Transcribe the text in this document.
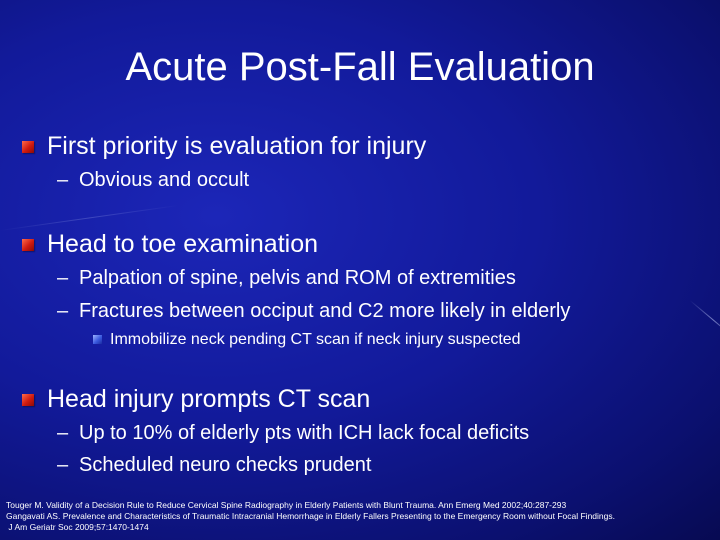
Acute Post-Fall Evaluation
First priority is evaluation for injury
– Obvious and occult
Head to toe examination
– Palpation of spine, pelvis and ROM of extremities
– Fractures between occiput and C2 more likely in elderly
Immobilize neck pending CT scan if neck injury suspected
Head injury prompts CT scan
– Up to 10% of elderly pts with ICH lack focal deficits
– Scheduled neuro checks prudent
Touger M. Validity of a Decision Rule to Reduce Cervical Spine Radiography in Elderly Patients with Blunt Trauma. Ann Emerg Med 2002;40:287-293
Gangavati AS. Prevalence and Characteristics of Traumatic Intracranial Hemorrhage in Elderly Fallers Presenting to the Emergency Room without Focal Findings.
J Am Geriatr Soc 2009;57:1470-1474
